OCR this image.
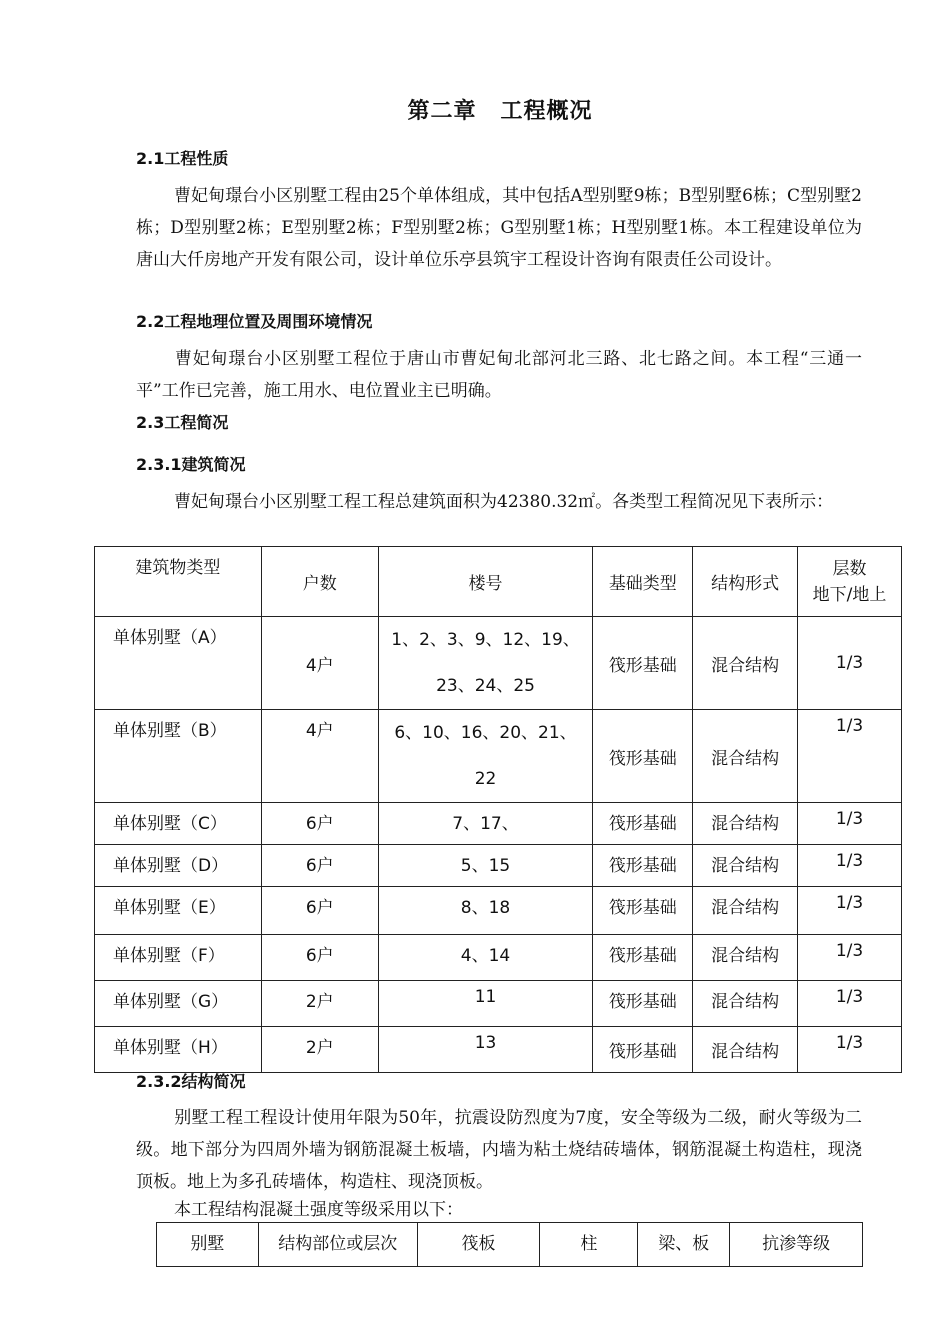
第二章 工程概况
2.1工程性质
曹妃甸璟台小区别墅工程由25个单体组成，其中包括A型别墅9栋；B型别墅6栋；C型别墅2栋；D型别墅2栋；E型别墅2栋；F型别墅2栋；G型别墅1栋；H型别墅1栋。本工程建设单位为唐山大仟房地产开发有限公司，设计单位乐亭县筑宇工程设计咨询有限责任公司设计。
2.2工程地理位置及周围环境情况
曹妃甸璟台小区别墅工程位于唐山市曹妃甸北部河北三路、北七路之间。本工程“三通一平”工作已完善，施工用水、电位置业主已明确。
2.3工程简况
2.3.1建筑简况
曹妃甸璟台小区别墅工程工程总建筑面积为42380.32㎡。各类型工程简况见下表所示：
建筑物类型	户数	楼号	基础类型	结构形式	层数
地下/地上
单体别墅（A）	4户	1、2、3、9、12、19、23、24、25	筏形基础	混合结构	1/3
单体别墅（B）	4户	6、10、16、20、21、22	筏形基础	混合结构	1/3
单体别墅（C）	6户	7、17、	筏形基础	混合结构	1/3
单体别墅（D）	6户	5、15	筏形基础	混合结构	1/3
单体别墅（E）	6户	8、18	筏形基础	混合结构	1/3
单体别墅（F）	6户	4、14	筏形基础	混合结构	1/3
单体别墅（G）	2户	11	筏形基础	混合结构	1/3
单体别墅（H）	2户	13	筏形基础	混合结构	1/3
2.3.2结构简况
别墅工程工程设计使用年限为50年，抗震设防烈度为7度，安全等级为二级，耐火等级为二级。地下部分为四周外墙为钢筋混凝土板墙，内墙为粘土烧结砖墙体，钢筋混凝土构造柱，现浇顶板。地上为多孔砖墙体，构造柱、现浇顶板。
本工程结构混凝土强度等级采用以下：
别墅	结构部位或层次	筏板	柱	梁、板	抗渗等级
